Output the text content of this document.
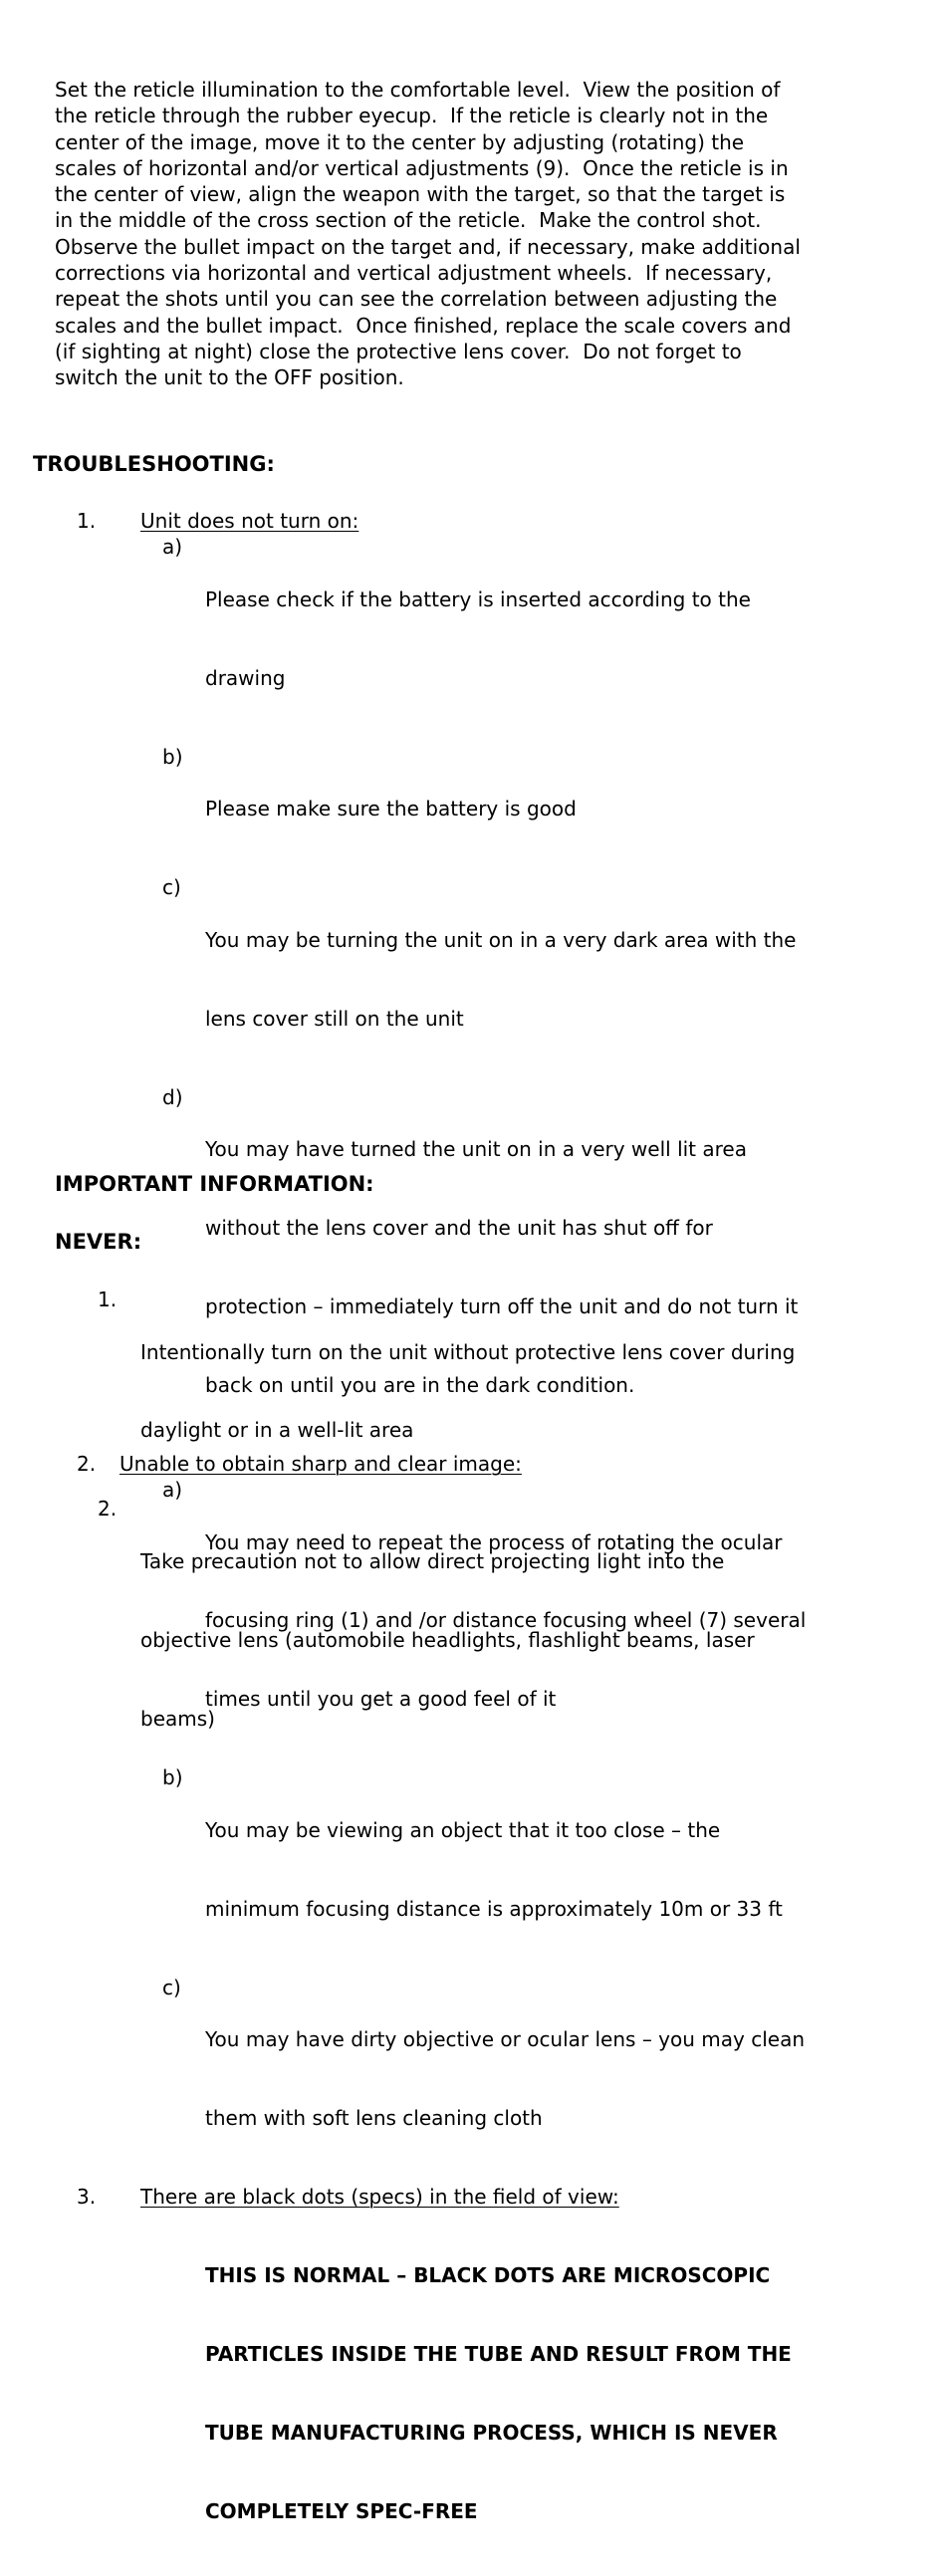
Set the reticle illumination to the comfortable level.  View the position of
the reticle through the rubber eyecup.  If the reticle is clearly not in the
center of the image, move it to the center by adjusting (rotating) the
scales of horizontal and/or vertical adjustments (9).  Once the reticle is in
the center of view, align the weapon with the target, so that the target is
in the middle of the cross section of the reticle.  Make the control shot.
Observe the bullet impact on the target and, if necessary, make additional
corrections via horizontal and vertical adjustment wheels.  If necessary,
repeat the shots until you can see the correlation between adjusting the
scales and the bullet impact.  Once finished, replace the scale covers and
(if sighting at night) close the protective lens cover.  Do not forget to
switch the unit to the OFF position.

TROUBLESHOOTING:
1. Unit does not turn on:
a)

Please check if the battery is inserted according to the

drawing

b)

Please make sure the battery is good

c)

You may be turning the unit on in a very dark area with the

lens cover still on the unit

d)

You may have turned the unit on in a very well lit area

without the lens cover and the unit has shut off for

protection – immediately turn off the unit and do not turn it

back on until you are in the dark condition.

2. Unable to obtain sharp and clear image:
a)

You may need to repeat the process of rotating the ocular

focusing ring (1) and /or distance focusing wheel (7) several

times until you get a good feel of it

b)

You may be viewing an object that it too close – the

minimum focusing distance is approximately 10m or 33 ft

c)

You may have dirty objective or ocular lens – you may clean

them with soft lens cleaning cloth

3. There are black dots (specs) in the field of view:

THIS IS NORMAL – BLACK DOTS ARE MICROSCOPIC

PARTICLES INSIDE THE TUBE AND RESULT FROM THE

TUBE MANUFACTURING PROCESS, WHICH IS NEVER

COMPLETELY SPEC-FREE

IMPORTANT INFORMATION:
NEVER:
1.

Intentionally turn on the unit without protective lens cover during

daylight or in a well-lit area

2.

Take precaution not to allow direct projecting light into the

objective lens (automobile headlights, flashlight beams, laser

beams)
